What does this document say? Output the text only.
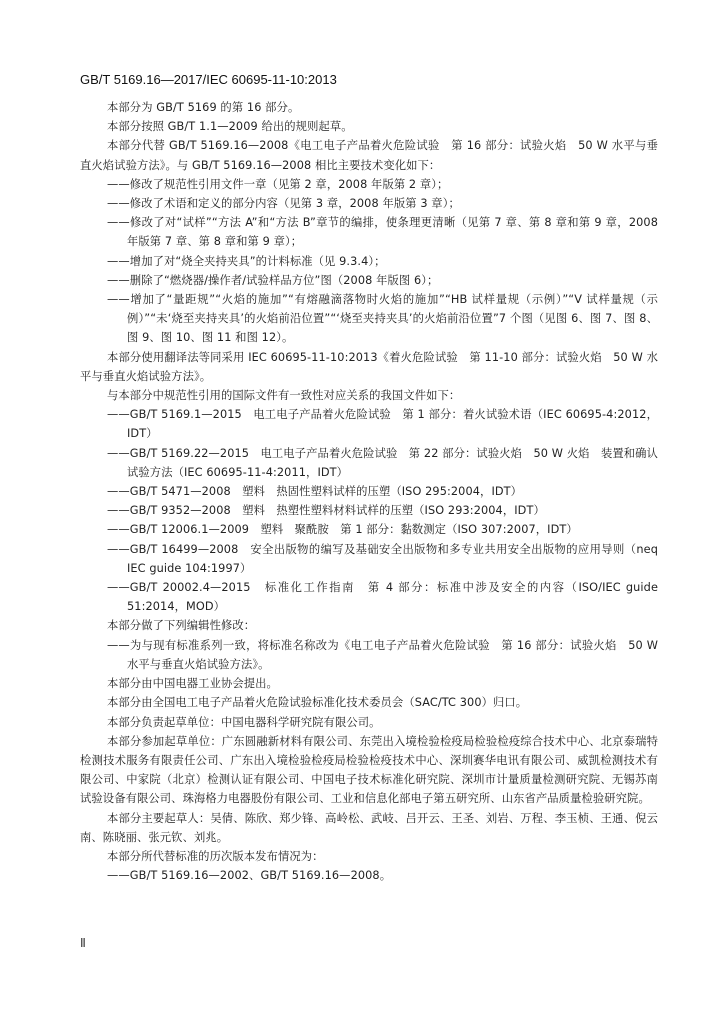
GB/T 5169.16—2017/IEC 60695-11-10:2013

本部分为 GB/T 5169 的第 16 部分。

本部分按照 GB/T 1.1—2009 给出的规则起草。

本部分代替 GB/T 5169.16—2008《电工电子产品着火危险试验　第 16 部分：试验火焰　50 W 水平与垂直火焰试验方法》。与 GB/T 5169.16—2008 相比主要技术变化如下：

——修改了规范性引用文件一章（见第 2 章，2008 年版第 2 章）；

——修改了术语和定义的部分内容（见第 3 章，2008 年版第 3 章）；

——修改了对“试样”“方法 A”和“方法 B”章节的编排，使条理更清晰（见第 7 章、第 8 章和第 9 章，2008 年版第 7 章、第 8 章和第 9 章）；

——增加了对“烧全夹持夹具”的计料标准（见 9.3.4）；

——删除了“燃烧器/操作者/试验样品方位”图（2008 年版图 6）；

——增加了“量距规”“火焰的施加”“有熔融滴落物时火焰的施加”“HB 试样量规（示例）”“V 试样量规（示例）”“未‘烧至夹持夹具’的火焰前沿位置”“‘烧至夹持夹具’的火焰前沿位置”7 个图（见图 6、图 7、图 8、图 9、图 10、图 11 和图 12）。

本部分使用翻译法等同采用 IEC 60695-11-10:2013《着火危险试验　第 11-10 部分：试验火焰　50 W 水平与垂直火焰试验方法》。

与本部分中规范性引用的国际文件有一致性对应关系的我国文件如下：

——GB/T 5169.1—2015　电工电子产品着火危险试验　第 1 部分：着火试验术语（IEC 60695-4:2012，IDT）

——GB/T 5169.22—2015　电工电子产品着火危险试验　第 22 部分：试验火焰　50 W 火焰　装置和确认试验方法（IEC 60695-11-4:2011，IDT）

——GB/T 5471—2008　塑料　热固性塑料试样的压塑（ISO 295:2004，IDT）

——GB/T 9352—2008　塑料　热塑性塑料材料试样的压塑（ISO 293:2004，IDT）

——GB/T 12006.1—2009　塑料　聚酰胺　第 1 部分：黏数测定（ISO 307:2007，IDT）

——GB/T 16499—2008　安全出版物的编写及基础安全出版物和多专业共用安全出版物的应用导则（neq IEC guide 104:1997）

——GB/T 20002.4—2015　标准化工作指南　第 4 部分：标准中涉及安全的内容（ISO/IEC guide 51:2014，MOD）

本部分做了下列编辑性修改：

——为与现有标准系列一致，将标准名称改为《电工电子产品着火危险试验　第 16 部分：试验火焰　50 W 水平与垂直火焰试验方法》。

本部分由中国电器工业协会提出。

本部分由全国电工电子产品着火危险试验标准化技术委员会（SAC/TC 300）归口。

本部分负责起草单位：中国电器科学研究院有限公司。

本部分参加起草单位：广东圆融新材料有限公司、东莞出入境检验检疫局检验检疫综合技术中心、北京泰瑞特检测技术服务有限责任公司、广东出入境检验检疫局检验检疫技术中心、深圳赛华电讯有限公司、威凯检测技术有限公司、中家院（北京）检测认证有限公司、中国电子技术标准化研究院、深圳市计量质量检测研究院、无锡苏南试验设备有限公司、珠海格力电器股份有限公司、工业和信息化部电子第五研究所、山东省产品质量检验研究院。

本部分主要起草人：吴倩、陈欣、郑少锋、高岭松、武岐、吕开云、王圣、刘岩、万程、李玉桢、王通、倪云南、陈晓丽、张元钦、刘兆。

本部分所代替标准的历次版本发布情况为：

——GB/T 5169.16—2002、GB/T 5169.16—2008。

Ⅱ
